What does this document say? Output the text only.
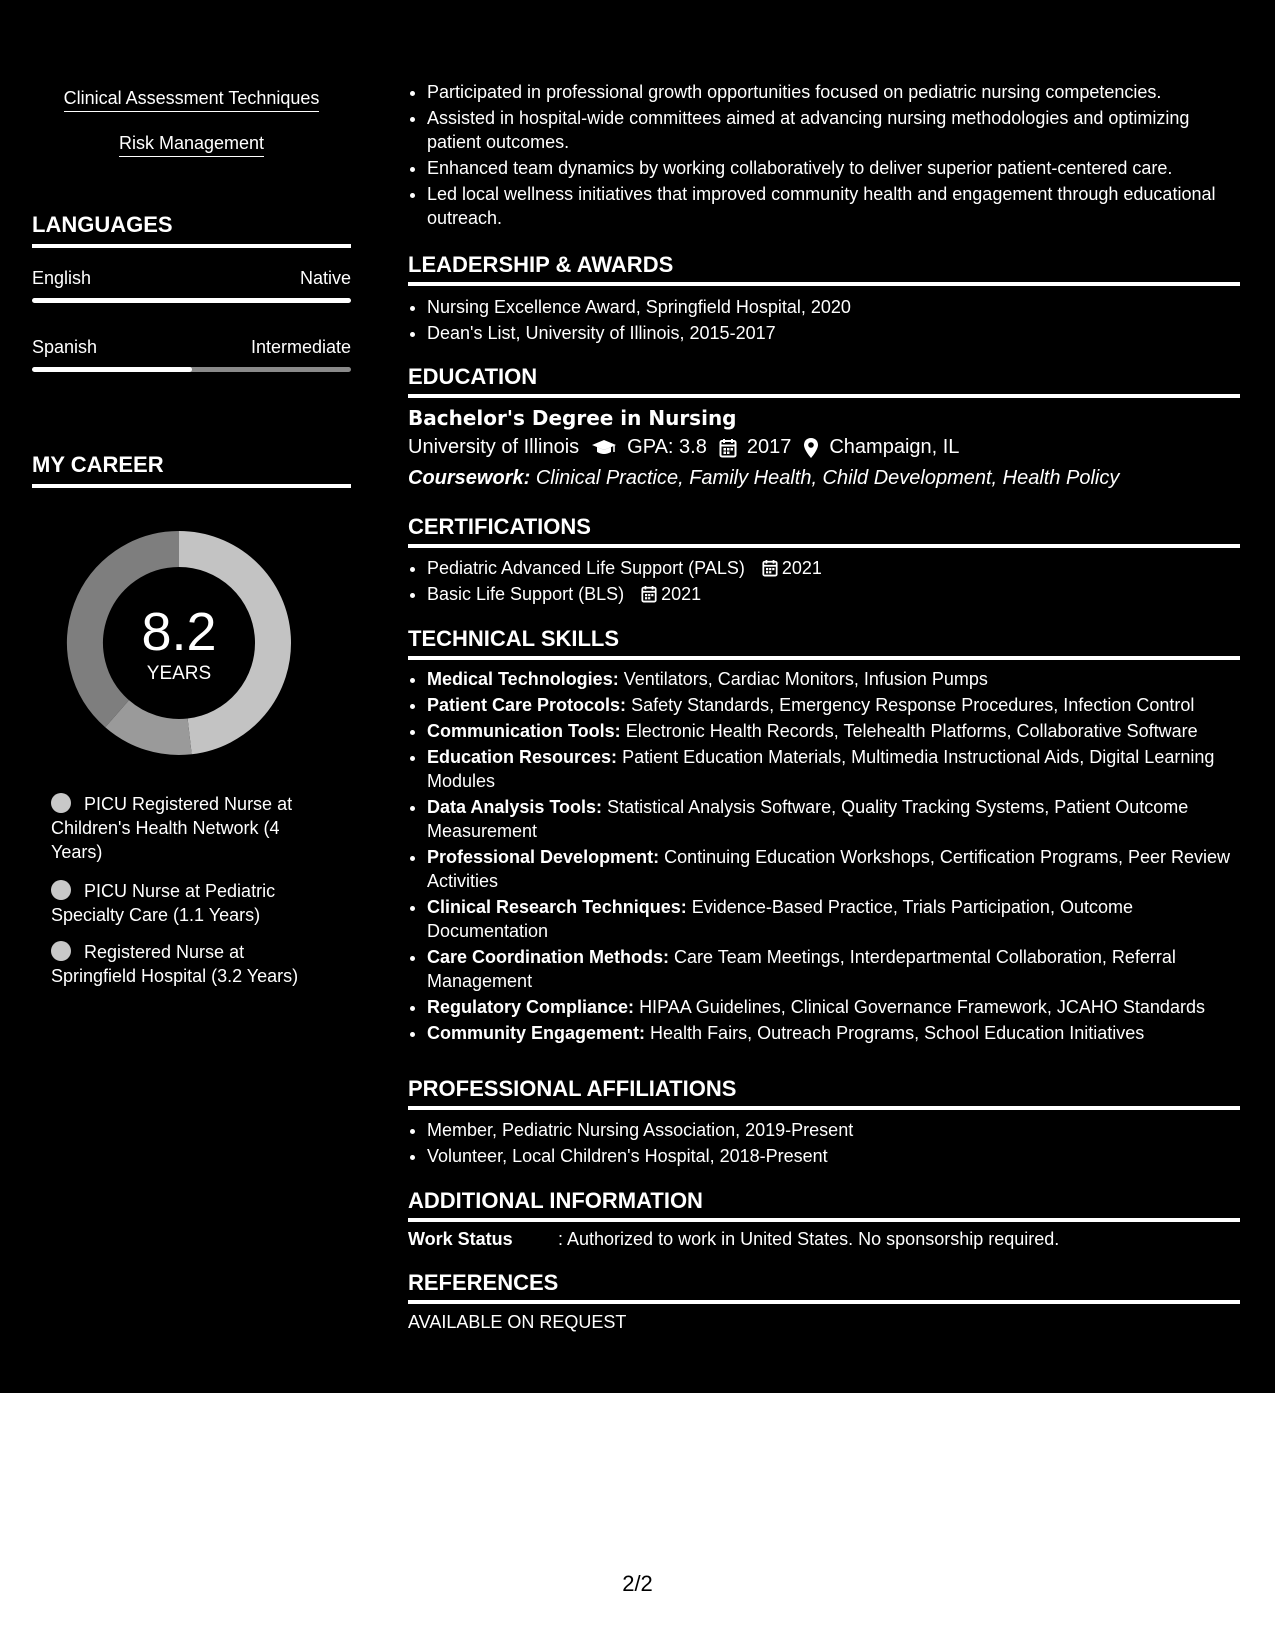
Clinical Assessment Techniques
Risk Management
LANGUAGES
English	Native
Spanish	Intermediate
MY CAREER
8.2
YEARS
PICU Registered Nurse at Children's Health Network (4 Years)
PICU Nurse at Pediatric Specialty Care (1.1 Years)
Registered Nurse at Springfield Hospital (3.2 Years)
• Participated in professional growth opportunities focused on pediatric nursing competencies.
• Assisted in hospital-wide committees aimed at advancing nursing methodologies and optimizing patient outcomes.
• Enhanced team dynamics by working collaboratively to deliver superior patient-centered care.
• Led local wellness initiatives that improved community health and engagement through educational outreach.
LEADERSHIP & AWARDS
• Nursing Excellence Award, Springfield Hospital, 2020
• Dean's List, University of Illinois, 2015-2017
EDUCATION
Bachelor's Degree in Nursing
University of Illinois GPA: 3.8 2017 Champaign, IL
Coursework: Clinical Practice, Family Health, Child Development, Health Policy
CERTIFICATIONS
• Pediatric Advanced Life Support (PALS) 2021
• Basic Life Support (BLS) 2021
TECHNICAL SKILLS
• Medical Technologies: Ventilators, Cardiac Monitors, Infusion Pumps
• Patient Care Protocols: Safety Standards, Emergency Response Procedures, Infection Control
• Communication Tools: Electronic Health Records, Telehealth Platforms, Collaborative Software
• Education Resources: Patient Education Materials, Multimedia Instructional Aids, Digital Learning Modules
• Data Analysis Tools: Statistical Analysis Software, Quality Tracking Systems, Patient Outcome Measurement
• Professional Development: Continuing Education Workshops, Certification Programs, Peer Review Activities
• Clinical Research Techniques: Evidence-Based Practice, Trials Participation, Outcome Documentation
• Care Coordination Methods: Care Team Meetings, Interdepartmental Collaboration, Referral Management
• Regulatory Compliance: HIPAA Guidelines, Clinical Governance Framework, JCAHO Standards
• Community Engagement: Health Fairs, Outreach Programs, School Education Initiatives
PROFESSIONAL AFFILIATIONS
• Member, Pediatric Nursing Association, 2019-Present
• Volunteer, Local Children's Hospital, 2018-Present
ADDITIONAL INFORMATION
Work Status	: Authorized to work in United States. No sponsorship required.
REFERENCES
AVAILABLE ON REQUEST
2/2
